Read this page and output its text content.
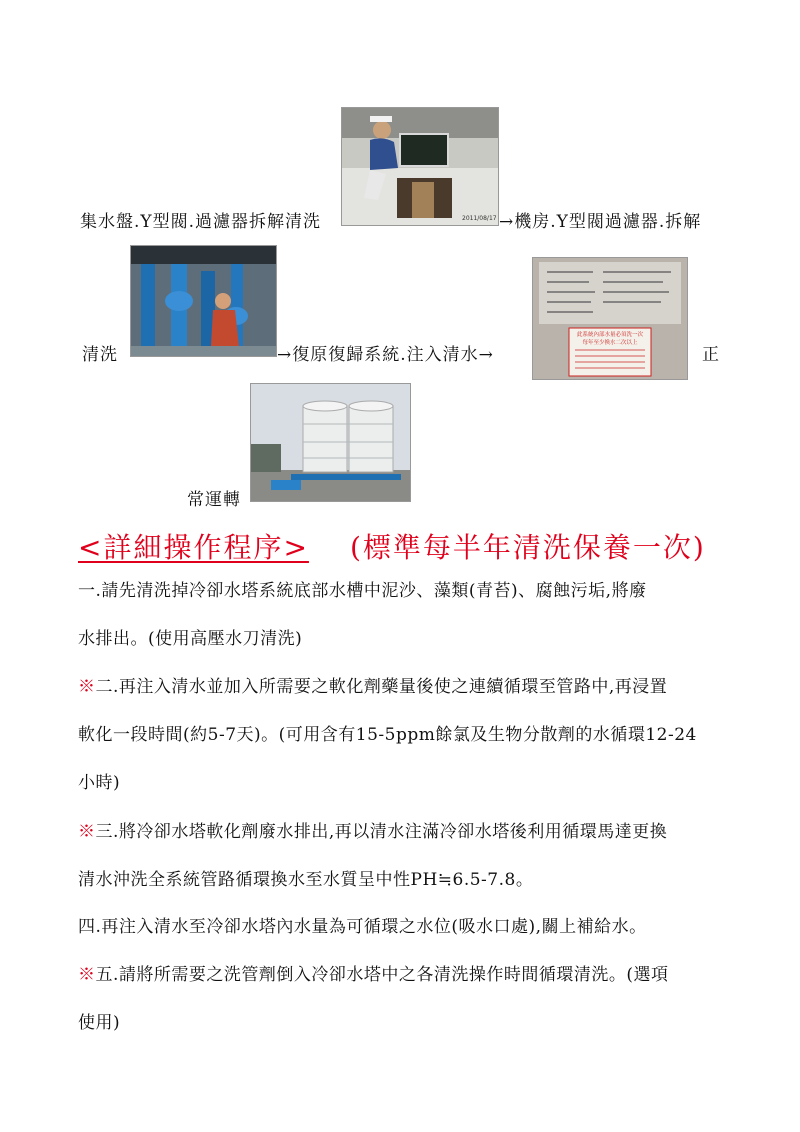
集水盤.Y型閥.過濾器拆解清洗	2011/08/17 →機房.Y型閥過濾器.拆解
清洗	→復原復歸系統.注入清水→
此系統內部水量必須洗一次
每年至少換水二次以上
正
常運轉
<詳細操作程序> (標準每半年清洗保養一次)
一.請先清洗掉冷卻水塔系統底部水槽中泥沙、藻類(青苔)、腐蝕污垢,將廢
水排出。(使用高壓水刀清洗)
※二.再注入清水並加入所需要之軟化劑藥量後使之連續循環至管路中,再浸置
軟化一段時間(約5-7天)。(可用含有15-5ppm餘氯及生物分散劑的水循環12-24
小時)
※三.將冷卻水塔軟化劑廢水排出,再以清水注滿冷卻水塔後利用循環馬達更換
清水沖洗全系統管路循環換水至水質呈中性PH≒6.5-7.8。
四.再注入清水至冷卻水塔內水量為可循環之水位(吸水口處),關上補給水。
※五.請將所需要之洗管劑倒入冷卻水塔中之各清洗操作時間循環清洗。(選項
使用)
